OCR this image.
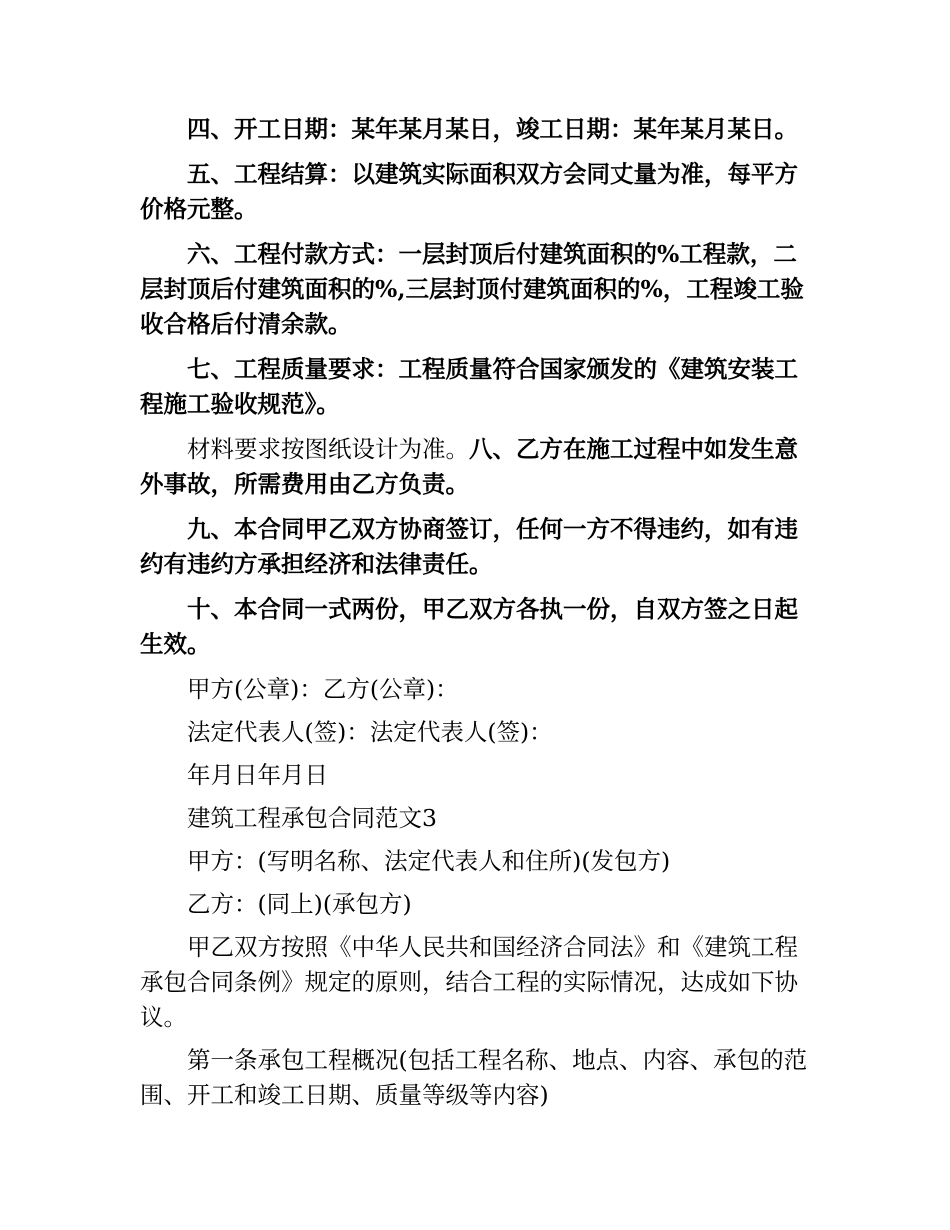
四、开工日期：某年某月某日，竣工日期：某年某月某日。

五、工程结算：以建筑实际面积双方会同丈量为准，每平方价格元整。

六、工程付款方式：一层封顶后付建筑面积的%工程款，二层封顶后付建筑面积的%,三层封顶付建筑面积的%，工程竣工验收合格后付清余款。

七、工程质量要求：工程质量符合国家颁发的《建筑安装工程施工验收规范》。

材料要求按图纸设计为准。八、乙方在施工过程中如发生意外事故，所需费用由乙方负责。

九、本合同甲乙双方协商签订，任何一方不得违约，如有违约有违约方承担经济和法律责任。

十、本合同一式两份，甲乙双方各执一份，自双方签之日起生效。

甲方(公章)：乙方(公章)：

法定代表人(签)：法定代表人(签)：

年月日年月日

建筑工程承包合同范文3

甲方：(写明名称、法定代表人和住所)(发包方)

乙方：(同上)(承包方)

甲乙双方按照《中华人民共和国经济合同法》和《建筑工程承包合同条例》规定的原则，结合工程的实际情况，达成如下协议。

第一条承包工程概况(包括工程名称、地点、内容、承包的范围、开工和竣工日期、质量等级等内容)
